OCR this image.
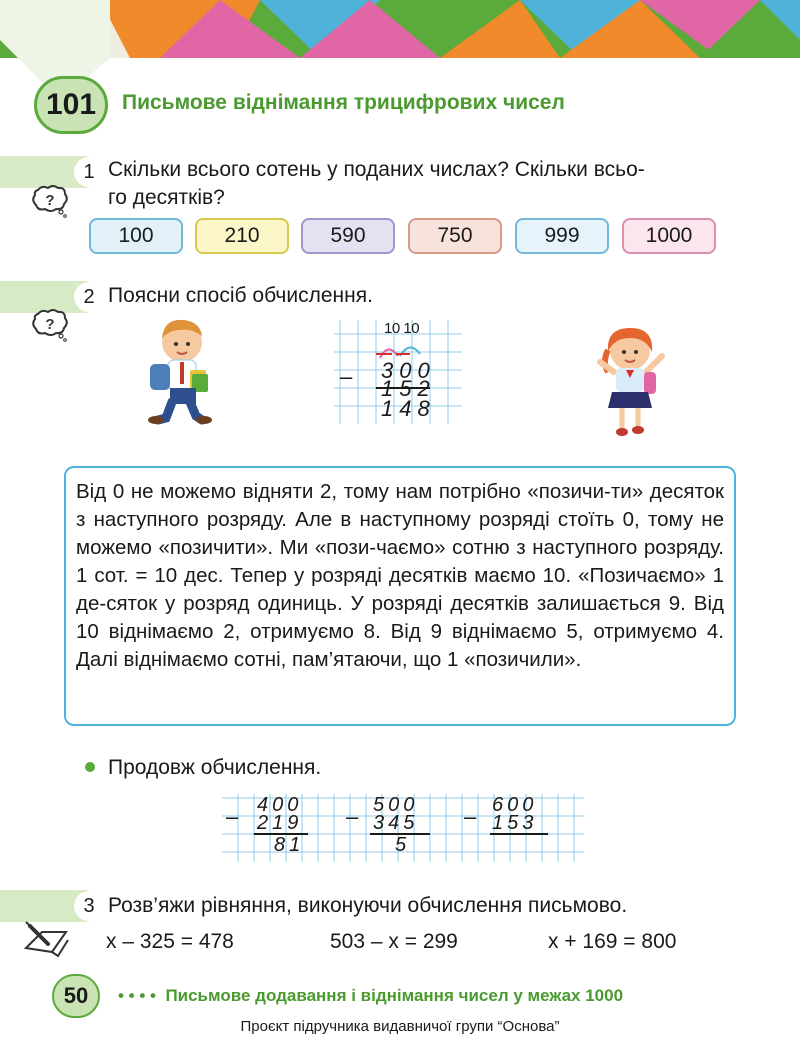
101	Письмове віднімання трицифрових чисел
1 Скільки всього сотень у поданих числах? Скільки всьо-
го десятків?
?
100	210	590	750	999	1000
2 Поясни спосіб обчислення.
?	10 10
– 300
152
148

Від 0 не можемо відняти 2, тому нам потрібно «позичи-ти» десяток з наступного розряду. Але в наступному розряді стоїть 0, тому не можемо «позичити». Ми «пози-чаємо» сотню з наступного розряду. 1 сот. = 10 дес. Тепер у розряді десятків маємо 10. «Позичаємо» 1 де-сяток у розряд одиниць. У розряді десятків залишається 9. Від 10 віднімаємо 2, отримуємо 8. Від 9 віднімаємо 5, отримуємо 4. Далі віднімаємо сотні, пам’ятаючи, що 1 «позичили».

Продовж обчислення.
–	–	–
400
219
81
500
345
5
600
153
3 Розв’яжи рівняння, виконуючи обчислення письмово.
x – 325 = 478	503 – x = 299	x + 169 = 800
50	• • • • Письмове додавання і віднімання чисел у межах 1000
Проєкт підручника видавничої групи “Основа”
